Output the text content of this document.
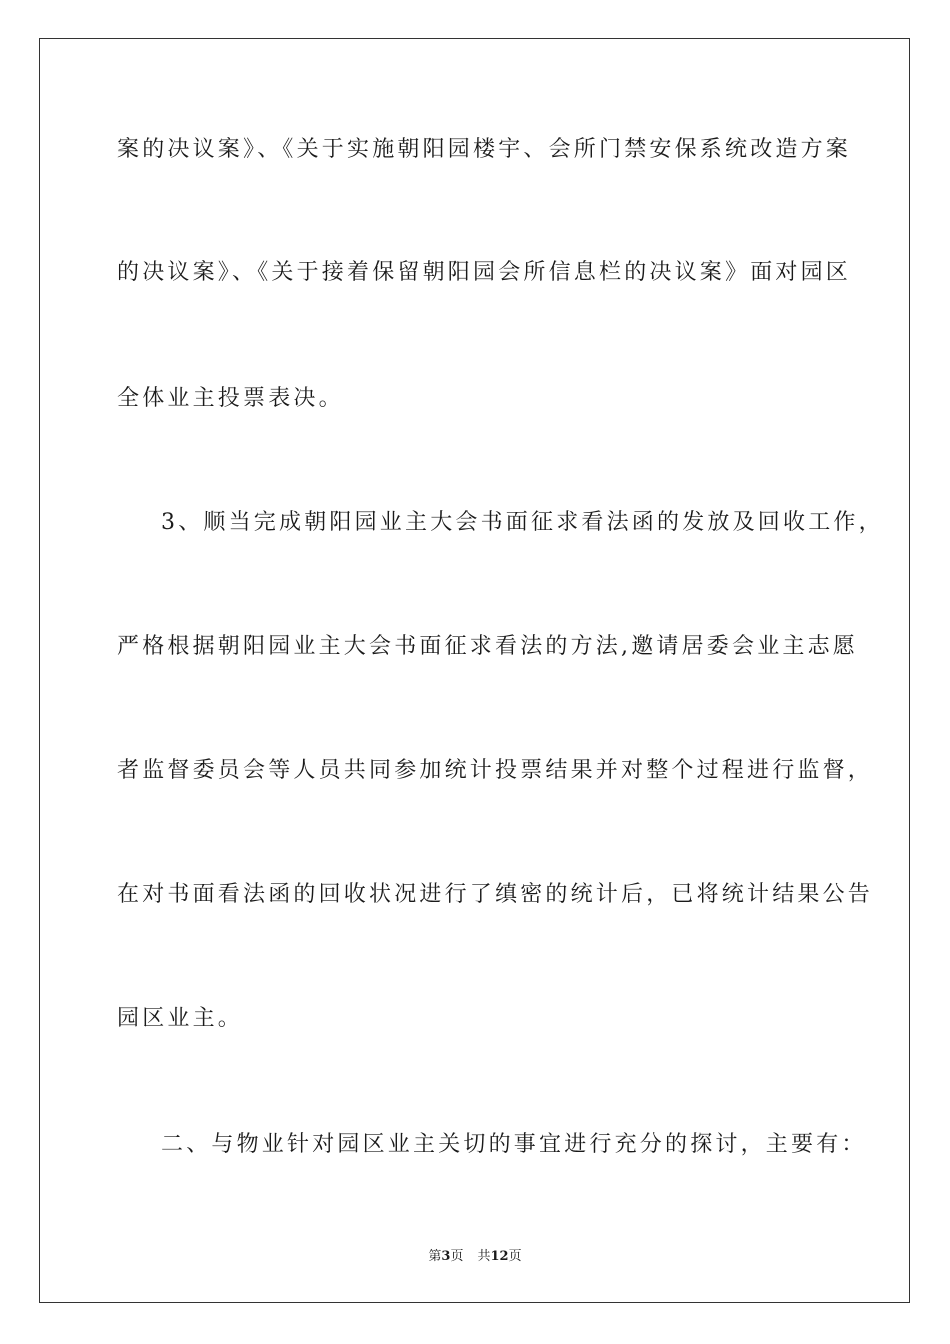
案的决议案》、《关于实施朝阳园楼宇、会所门禁安保系统改造方案
的决议案》、《关于接着保留朝阳园会所信息栏的决议案》面对园区
全体业主投票表决。
3、顺当完成朝阳园业主大会书面征求看法函的发放及回收工作，
严格根据朝阳园业主大会书面征求看法的方法,邀请居委会业主志愿
者监督委员会等人员共同参加统计投票结果并对整个过程进行监督，
在对书面看法函的回收状况进行了缜密的统计后，已将统计结果公告
园区业主。
二、与物业针对园区业主关切的事宜进行充分的探讨，主要有：
第3页 共12页
